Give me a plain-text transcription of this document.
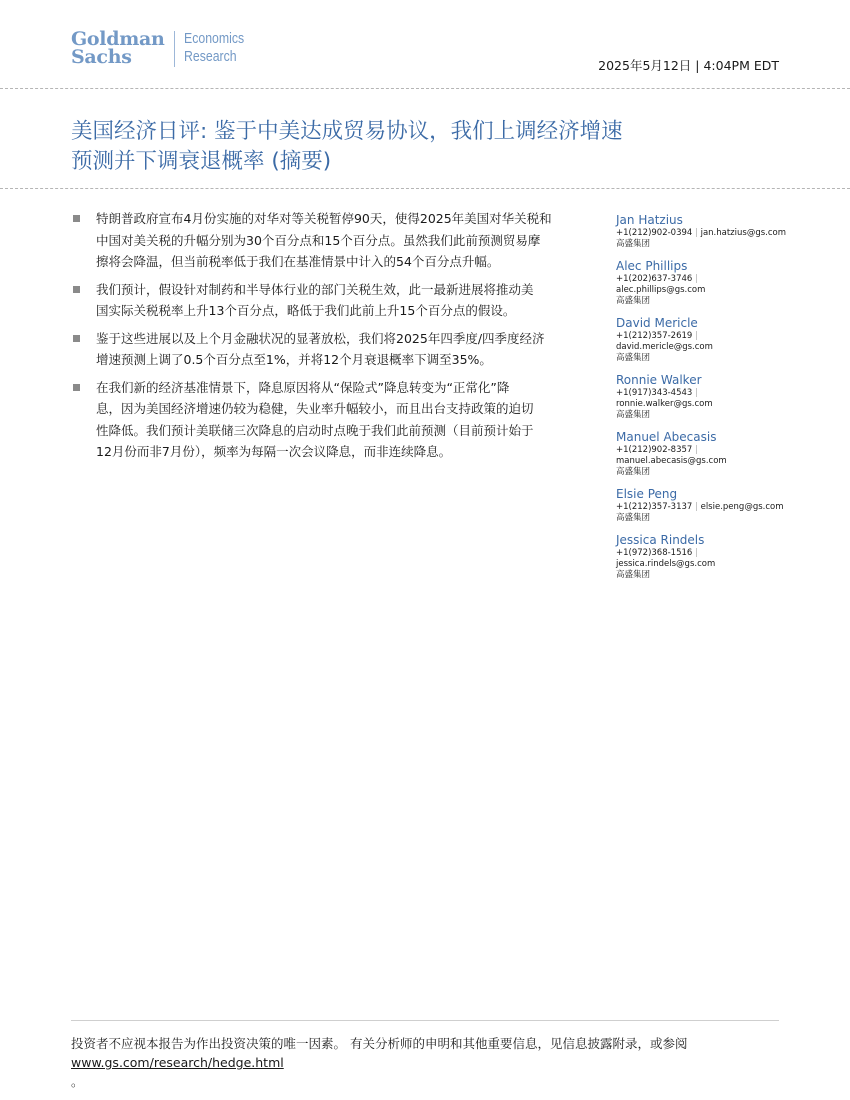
Goldman
Sachs
Economics
Research
2025年5月12日 | 4:04PM EDT
美国经济日评: 鉴于中美达成贸易协议，我们上调经济增速
预测并下调衰退概率 (摘要)
特朗普政府宣布4月份实施的对华对等关税暂停90天，使得2025年美国对华关税和
中国对美关税的升幅分别为30个百分点和15个百分点。虽然我们此前预测贸易摩
擦将会降温，但当前税率低于我们在基准情景中计入的54个百分点升幅。
我们预计，假设针对制药和半导体行业的部门关税生效，此一最新进展将推动美
国实际关税税率上升13个百分点，略低于我们此前上升15个百分点的假设。
鉴于这些进展以及上个月金融状况的显著放松，我们将2025年四季度/四季度经济
增速预测上调了0.5个百分点至1%，并将12个月衰退概率下调至35%。
在我们新的经济基准情景下，降息原因将从“保险式”降息转变为“正常化”降
息，因为美国经济增速仍较为稳健，失业率升幅较小，而且出台支持政策的迫切
性降低。我们预计美联储三次降息的启动时点晚于我们此前预测（目前预计始于
12月份而非7月份），频率为每隔一次会议降息，而非连续降息。
Jan Hatzius
+1(212)902-0394 | jan.hatzius@gs.com
高盛集团
Alec Phillips
+1(202)637-3746 |
alec.phillips@gs.com
高盛集团
David Mericle
+1(212)357-2619 |
david.mericle@gs.com
高盛集团
Ronnie Walker
+1(917)343-4543 |
ronnie.walker@gs.com
高盛集团
Manuel Abecasis
+1(212)902-8357 |
manuel.abecasis@gs.com
高盛集团
Elsie Peng
+1(212)357-3137 | elsie.peng@gs.com
高盛集团
Jessica Rindels
+1(972)368-1516 |
jessica.rindels@gs.com
高盛集团
投资者不应视本报告为作出投资决策的唯一因素。 有关分析师的申明和其他重要信息，见信息披露附录，或参阅
www.gs.com/research/hedge.html
。
